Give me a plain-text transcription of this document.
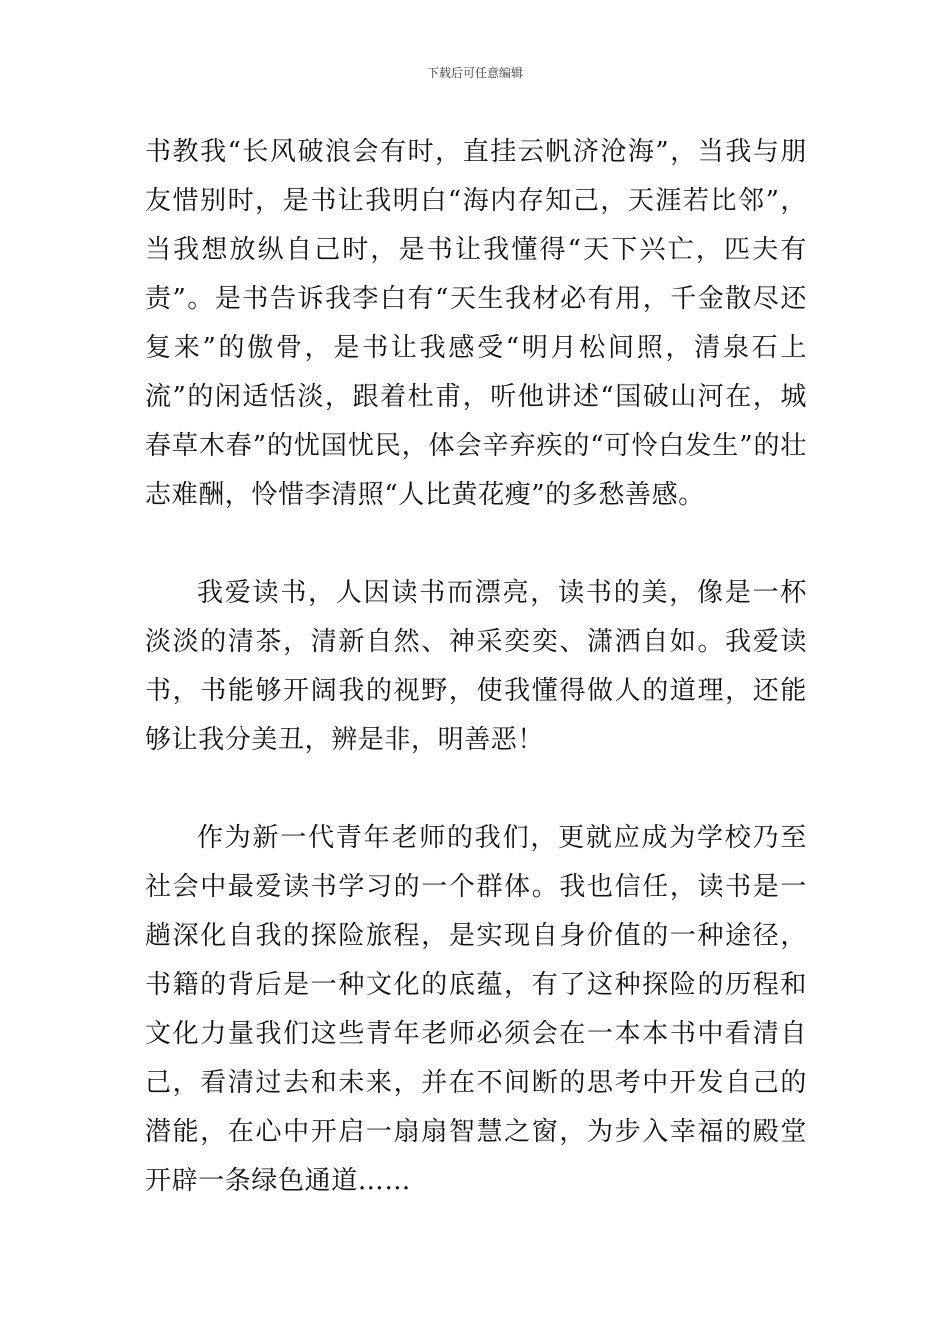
下载后可任意编辑

书教我“长风破浪会有时，直挂云帆济沧海”，当我与朋友惜别时，是书让我明白“海内存知己，天涯若比邻”，当我想放纵自己时，是书让我懂得“天下兴亡，匹夫有责”。是书告诉我李白有“天生我材必有用，千金散尽还复来”的傲骨，是书让我感受“明月松间照，清泉石上流”的闲适恬淡，跟着杜甫，听他讲述“国破山河在，城春草木春”的忧国忧民，体会辛弃疾的“可怜白发生”的壮志难酬，怜惜李清照“人比黄花瘦”的多愁善感。

我爱读书，人因读书而漂亮，读书的美，像是一杯淡淡的清茶，清新自然、神采奕奕、潇洒自如。我爱读书，书能够开阔我的视野，使我懂得做人的道理，还能够让我分美丑，辨是非，明善恶！

作为新一代青年老师的我们，更就应成为学校乃至社会中最爱读书学习的一个群体。我也信任，读书是一趟深化自我的探险旅程，是实现自身价值的一种途径，书籍的背后是一种文化的底蕴，有了这种探险的历程和文化力量我们这些青年老师必须会在一本本书中看清自己，看清过去和未来，并在不间断的思考中开发自己的潜能，在心中开启一扇扇智慧之窗，为步入幸福的殿堂开辟一条绿色通道……
